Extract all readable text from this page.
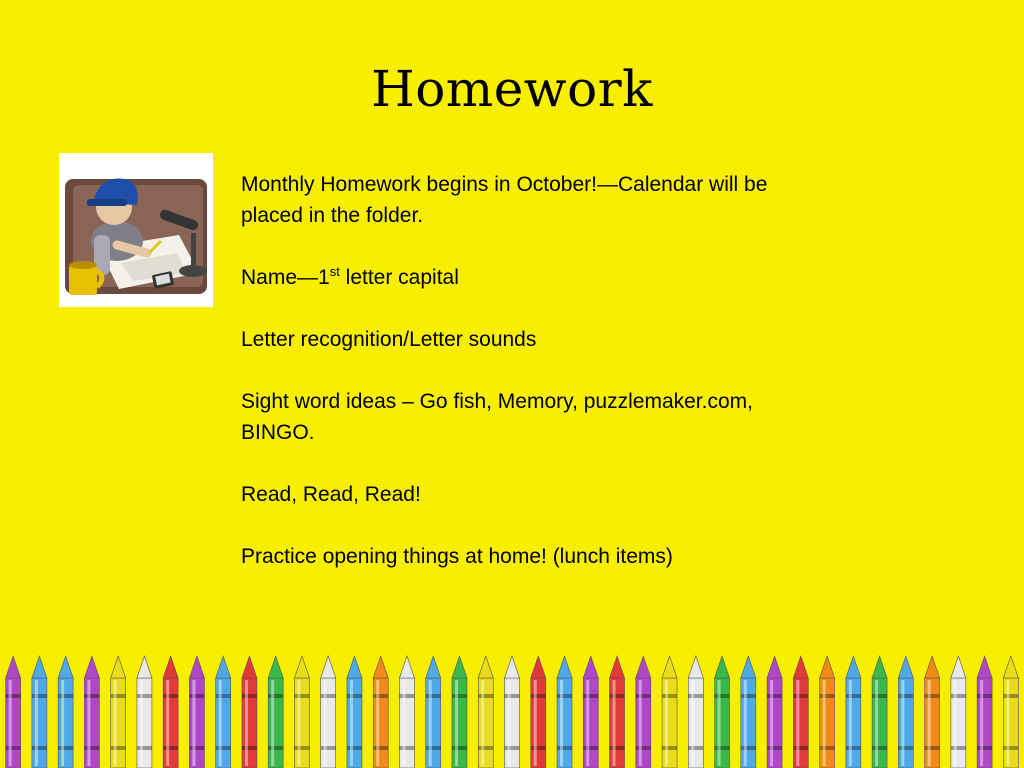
Homework

Monthly Homework begins in October!—Calendar will be placed in the folder.

Name—1st letter capital

Letter recognition/Letter sounds

Sight word ideas – Go fish, Memory, puzzlemaker.com, BINGO.

Read, Read, Read!

Practice opening things at home! (lunch items)
